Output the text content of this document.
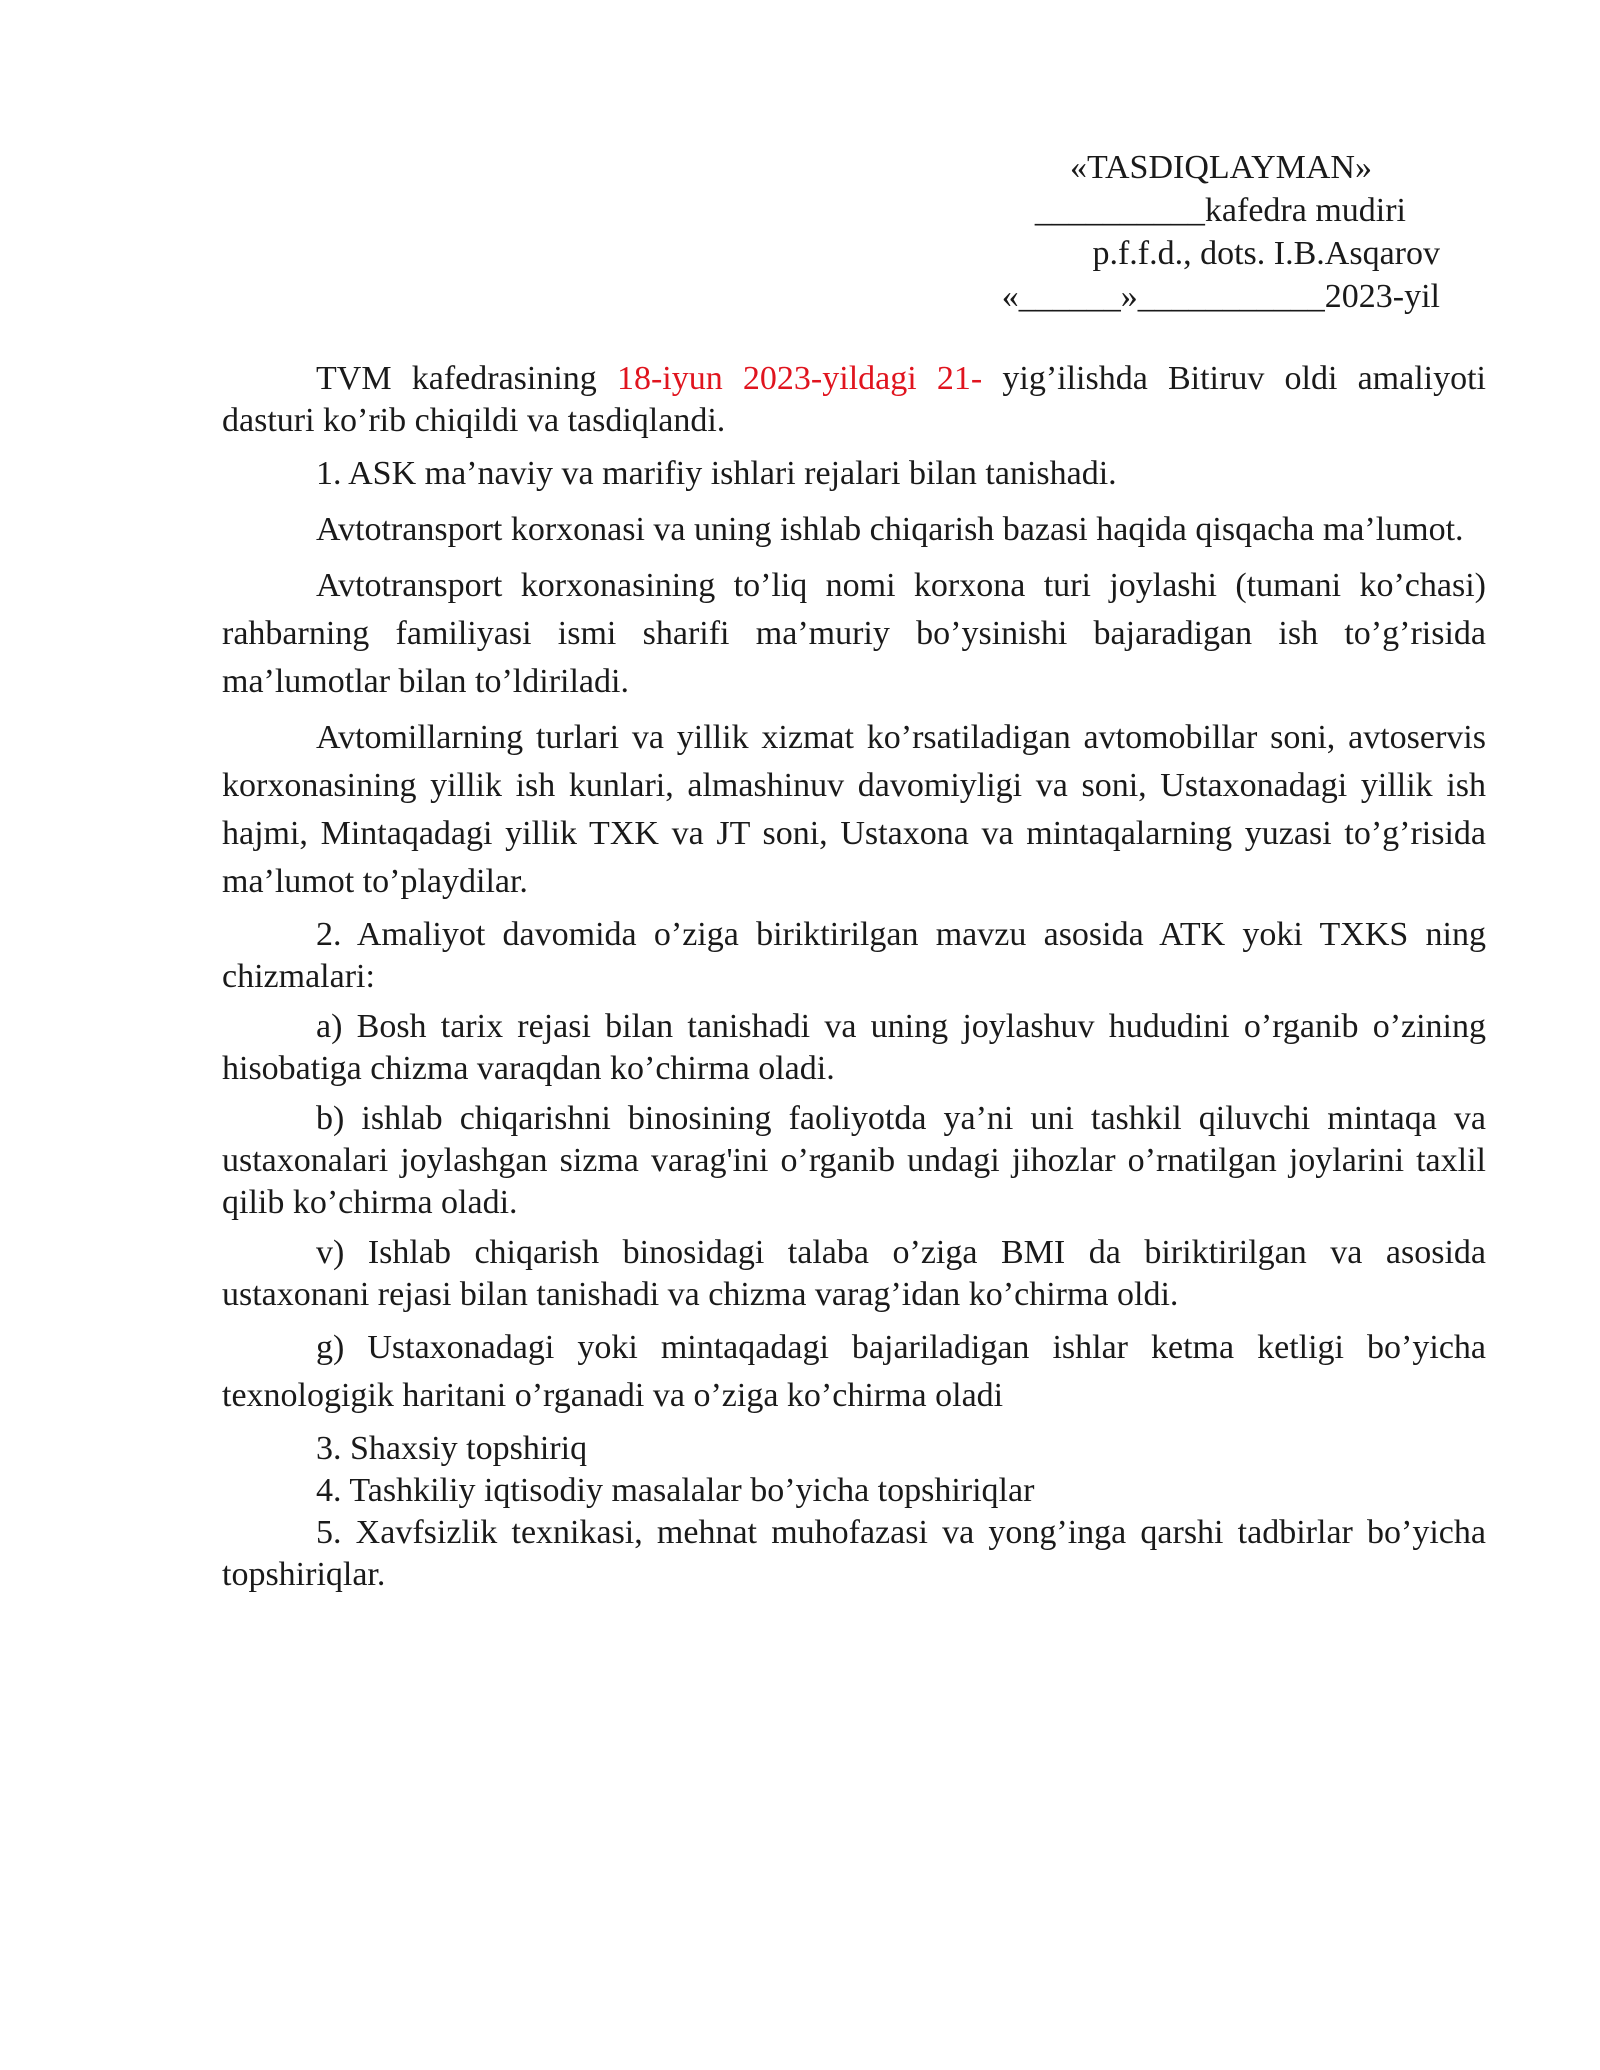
«TASDIQLAYMAN»
__________kafedra mudiri
p.f.f.d., dots. I.B.Asqarov
«______»___________2023-yil

TVM kafedrasining 18-iyun 2023-yildagi 21- yig’ilishda Bitiruv oldi amaliyoti dasturi ko’rib chiqildi va tasdiqlandi.

1. ASK ma’naviy va marifiy ishlari rejalari bilan tanishadi.

Avtotransport korxonasi va uning ishlab chiqarish bazasi haqida qisqacha ma’lumot.

Avtotransport korxonasining to’liq nomi korxona turi joylashi (tumani ko’chasi) rahbarning familiyasi ismi sharifi ma’muriy bo’ysinishi bajaradigan ish to’g’risida ma’lumotlar bilan to’ldiriladi.

Avtomillarning turlari va yillik xizmat ko’rsatiladigan avtomobillar soni, avtoservis korxonasining yillik ish kunlari, almashinuv davomiyligi va soni, Ustaxonadagi yillik ish hajmi, Mintaqadagi yillik TXK va JT soni, Ustaxona va mintaqalarning yuzasi to’g’risida ma’lumot to’playdilar.

2. Amaliyot davomida o’ziga biriktirilgan mavzu asosida ATK yoki TXKS ning chizmalari:

a) Bosh tarix rejasi bilan tanishadi va uning joylashuv hududini o’rganib o’zining hisobatiga chizma varaqdan ko’chirma oladi.

b) ishlab chiqarishni binosining faoliyotda ya’ni uni tashkil qiluvchi mintaqa va ustaxonalari joylashgan sizma varag'ini o’rganib undagi jihozlar o’rnatilgan joylarini taxlil qilib ko’chirma oladi.

v) Ishlab chiqarish binosidagi talaba o’ziga BMI da biriktirilgan va asosida ustaxonani rejasi bilan tanishadi va chizma varag’idan ko’chirma oldi.

g) Ustaxonadagi yoki mintaqadagi bajariladigan ishlar ketma ketligi bo’yicha texnologigik haritani o’rganadi va o’ziga ko’chirma oladi

3. Shaxsiy topshiriq

4. Tashkiliy iqtisodiy masalalar bo’yicha topshiriqlar

5. Xavfsizlik texnikasi, mehnat muhofazasi va yong’inga qarshi tadbirlar bo’yicha topshiriqlar.
